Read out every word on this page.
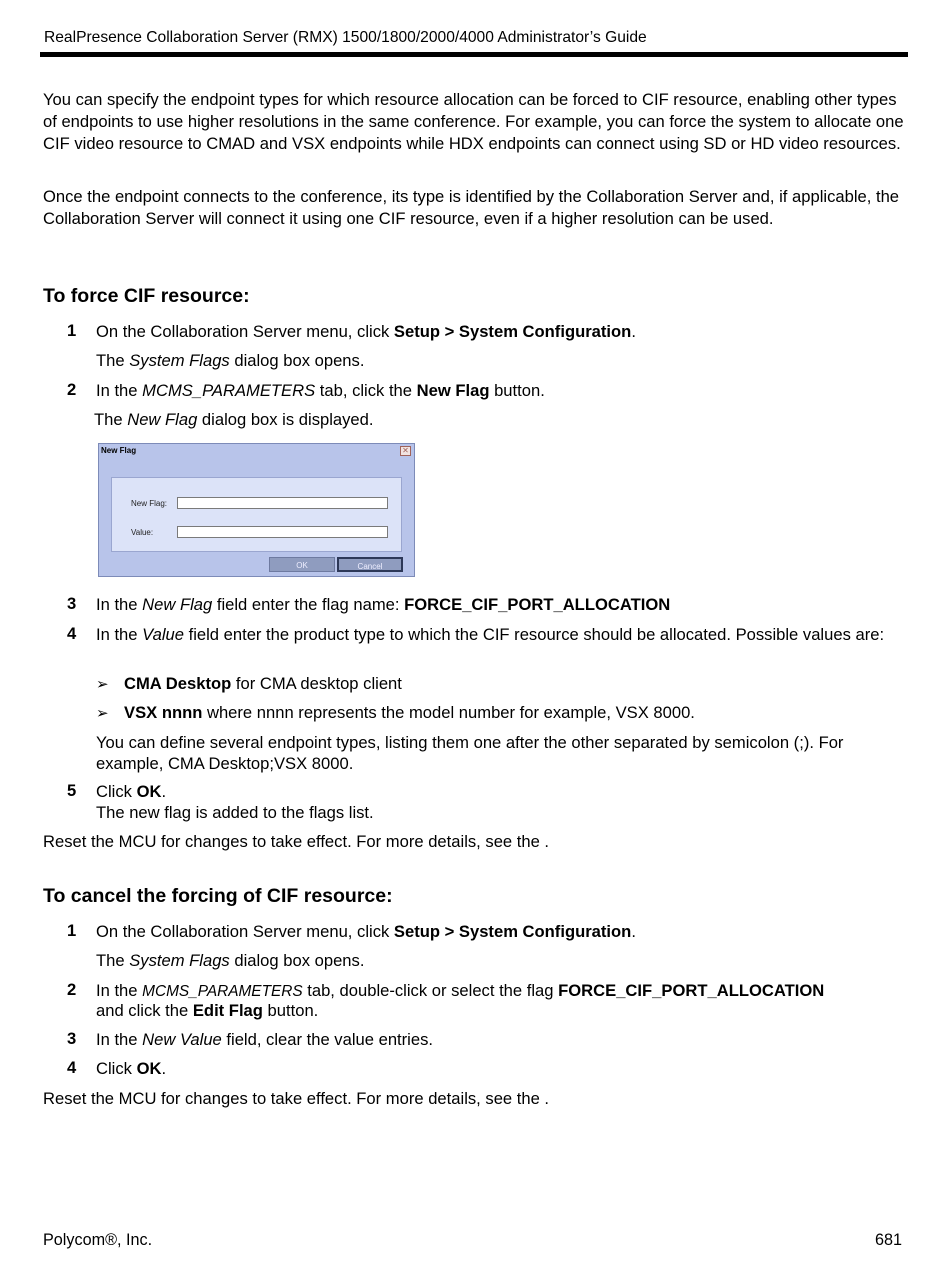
RealPresence Collaboration Server (RMX) 1500/1800/2000/4000 Administrator’s Guide
You can specify the endpoint types for which resource allocation can be forced to CIF resource, enabling other types of endpoints to use higher resolutions in the same conference. For example, you can force the system to allocate one CIF video resource to CMAD and VSX endpoints while HDX endpoints can connect using SD or HD video resources.
Once the endpoint connects to the conference, its type is identified by the Collaboration Server and, if applicable, the Collaboration Server will connect it using one CIF resource, even if a higher resolution can be used.
To force CIF resource:
1 On the Collaboration Server menu, click Setup > System Configuration.
The System Flags dialog box opens.
2 In the MCMS_PARAMETERS tab, click the New Flag button.
The New Flag dialog box is displayed.
New Flag	✕
New Flag:
Value:
OK	Cancel
3 In the New Flag field enter the flag name: FORCE_CIF_PORT_ALLOCATION
4 In the Value field enter the product type to which the CIF resource should be allocated. Possible values are:
➢ CMA Desktop for CMA desktop client
➢ VSX nnnn where nnnn represents the model number for example, VSX 8000.
You can define several endpoint types, listing them one after the other separated by semicolon (;). For example, CMA Desktop;VSX 8000.
5 Click OK.
The new flag is added to the flags list.
Reset the MCU for changes to take effect. For more details, see the .
To cancel the forcing of CIF resource:
1 On the Collaboration Server menu, click Setup > System Configuration.
The System Flags dialog box opens.
2 In the MCMS_PARAMETERS tab, double-click or select the flag FORCE_CIF_PORT_ALLOCATION
and click the Edit Flag button.
3 In the New Value field, clear the value entries.
4 Click OK.
Reset the MCU for changes to take effect. For more details, see the .
Polycom®, Inc.	681
